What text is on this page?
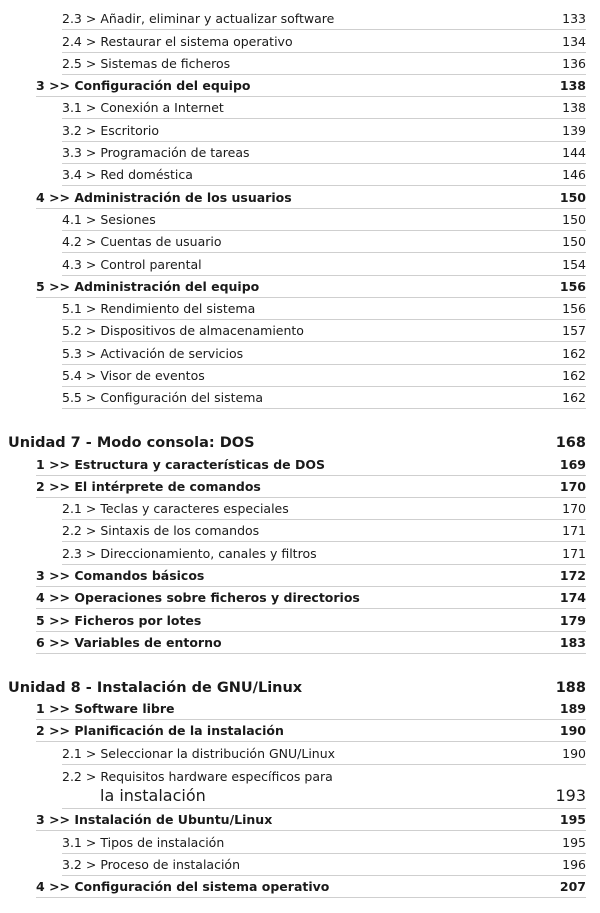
2.3 > Añadir, eliminar y actualizar software	133
2.4 > Restaurar el sistema operativo	134
2.5 > Sistemas de ficheros	136
3 >> Configuración del equipo	138
3.1 > Conexión a Internet	138
3.2 > Escritorio	139
3.3 > Programación de tareas	144
3.4 > Red doméstica	146
4 >> Administración de los usuarios	150
4.1 > Sesiones	150
4.2 > Cuentas de usuario	150
4.3 > Control parental	154
5 >> Administración del equipo	156
5.1 > Rendimiento del sistema	156
5.2 > Dispositivos de almacenamiento	157
5.3 > Activación de servicios	162
5.4 > Visor de eventos	162
5.5 > Configuración del sistema	162
Unidad 7 - Modo consola: DOS	168
1 >> Estructura y características de DOS	169
2 >> El intérprete de comandos	170
2.1 > Teclas y caracteres especiales	170
2.2 > Sintaxis de los comandos	171
2.3 > Direccionamiento, canales y filtros	171
3 >> Comandos básicos	172
4 >> Operaciones sobre ficheros y directorios	174
5 >> Ficheros por lotes	179
6 >> Variables de entorno	183
Unidad 8 - Instalación de GNU/Linux	188
1 >> Software libre	189
2 >> Planificación de la instalación	190
2.1 > Seleccionar la distribución GNU/Linux	190
2.2 > Requisitos hardware específicos para
la instalación	193
3 >> Instalación de Ubuntu/Linux	195
3.1 > Tipos de instalación	195
3.2 > Proceso de instalación	196
4 >> Configuración del sistema operativo	207
